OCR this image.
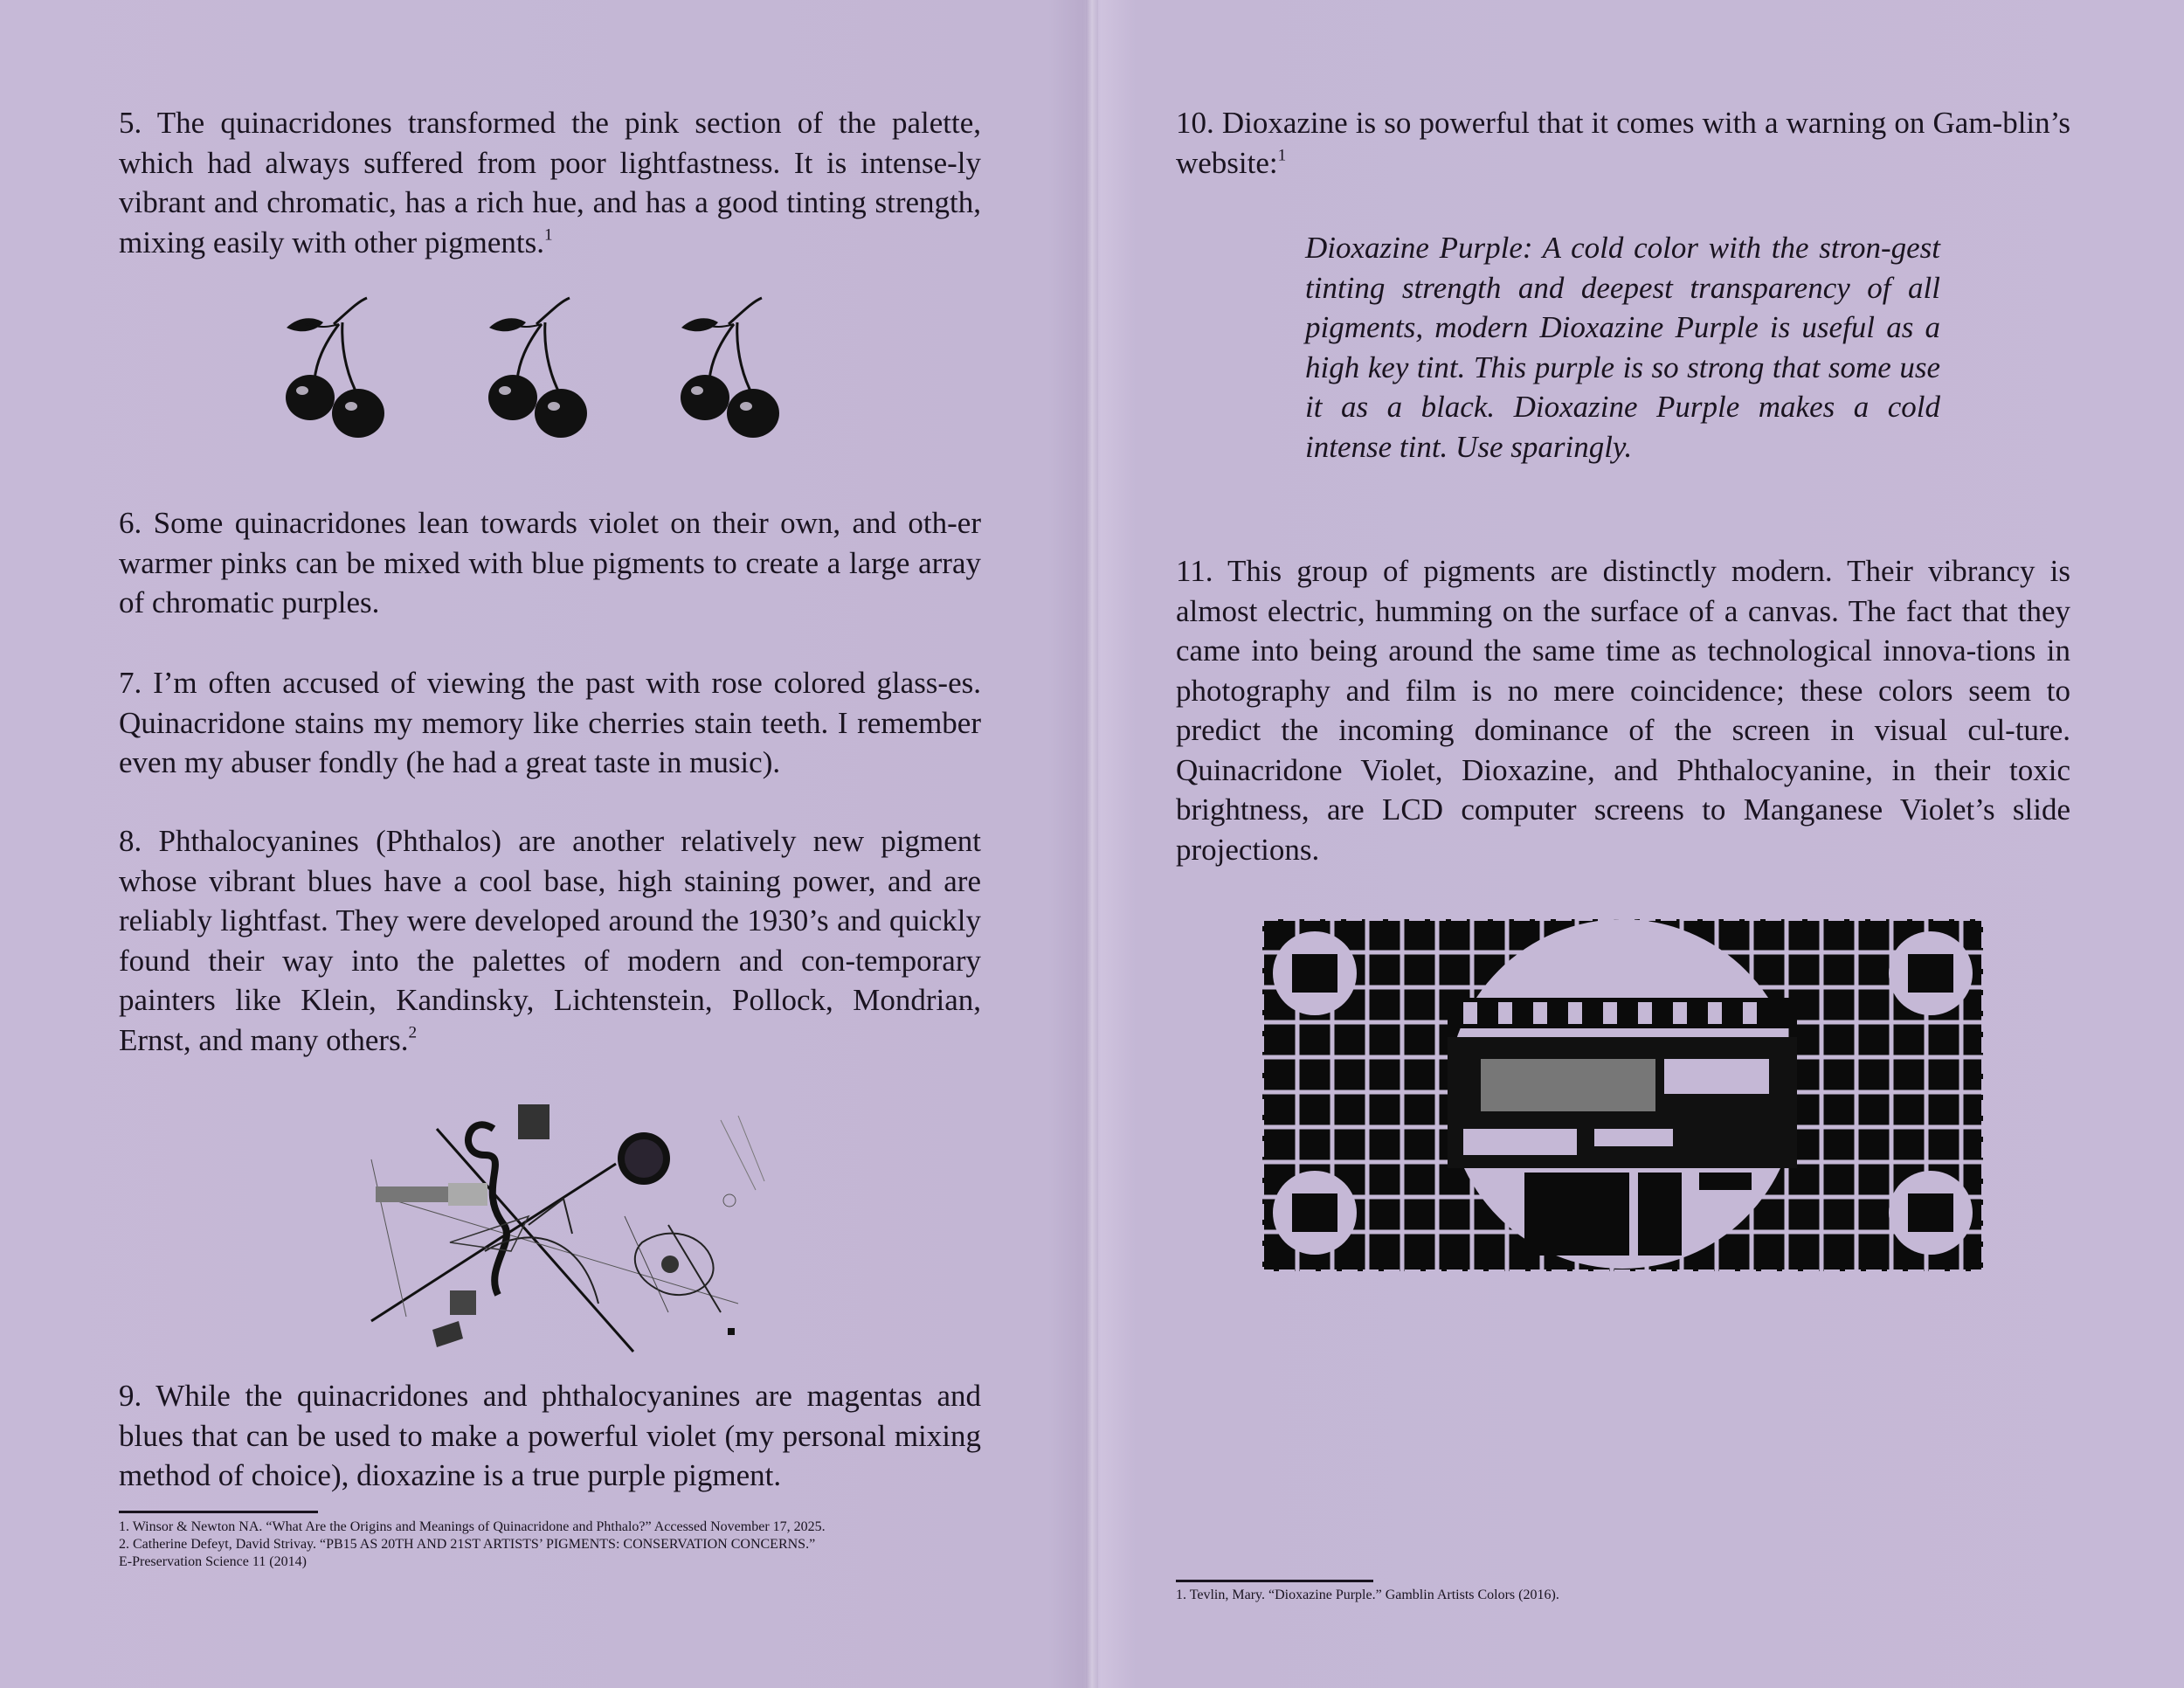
5. The quinacridones transformed the pink section of the palette, which had always suffered from poor lightfastness. It is intense-ly vibrant and chromatic, has a rich hue, and has a good tinting strength, mixing easily with other pigments.$^1$

6. Some quinacridones lean towards violet on their own, and oth-er warmer pinks can be mixed with blue pigments to create a large array of chromatic purples.

7. I’m often accused of viewing the past with rose colored glass-es. Quinacridone stains my memory like cherries stain teeth. I remember even my abuser fondly (he had a great taste in music).

8. Phthalocyanines (Phthalos) are another relatively new pigment whose vibrant blues have a cool base, high staining power, and are reliably lightfast. They were developed around the 1930’s and quickly found their way into the palettes of modern and con-temporary painters like Klein, Kandinsky, Lichtenstein, Pollock, Mondrian, Ernst, and many others.$^2$

9. While the quinacridones and phthalocyanines are magentas and blues that can be used to make a powerful violet (my personal mixing method of choice), dioxazine is a true purple pigment.

1. Winsor & Newton NA. “What Are the Origins and Meanings of Quinacridone and Phthalo?” Accessed November 17, 2025.
2. Catherine Defeyt, David Strivay. “PB15 AS 20TH AND 21ST ARTISTS’ PIGMENTS: CONSERVATION CONCERNS.”
E-Preservation Science 11 (2014)

10. Dioxazine is so powerful that it comes with a warning on Gam-blin’s website:$^1$

Dioxazine Purple: A cold color with the stron-gest tinting strength and deepest transparency of all pigments, modern Dioxazine Purple is useful as a high key tint. This purple is so strong that some use it as a black. Dioxazine Purple makes a cold intense tint. Use sparingly.

11. This group of pigments are distinctly modern. Their vibrancy is almost electric, humming on the surface of a canvas. The fact that they came into being around the same time as technological innova-tions in photography and film is no mere coincidence; these colors seem to predict the incoming dominance of the screen in visual cul-ture. Quinacridone Violet, Dioxazine, and Phthalocyanine, in their toxic brightness, are LCD computer screens to Manganese Violet’s slide projections.

1. Tevlin, Mary. “Dioxazine Purple.” Gamblin Artists Colors (2016).
